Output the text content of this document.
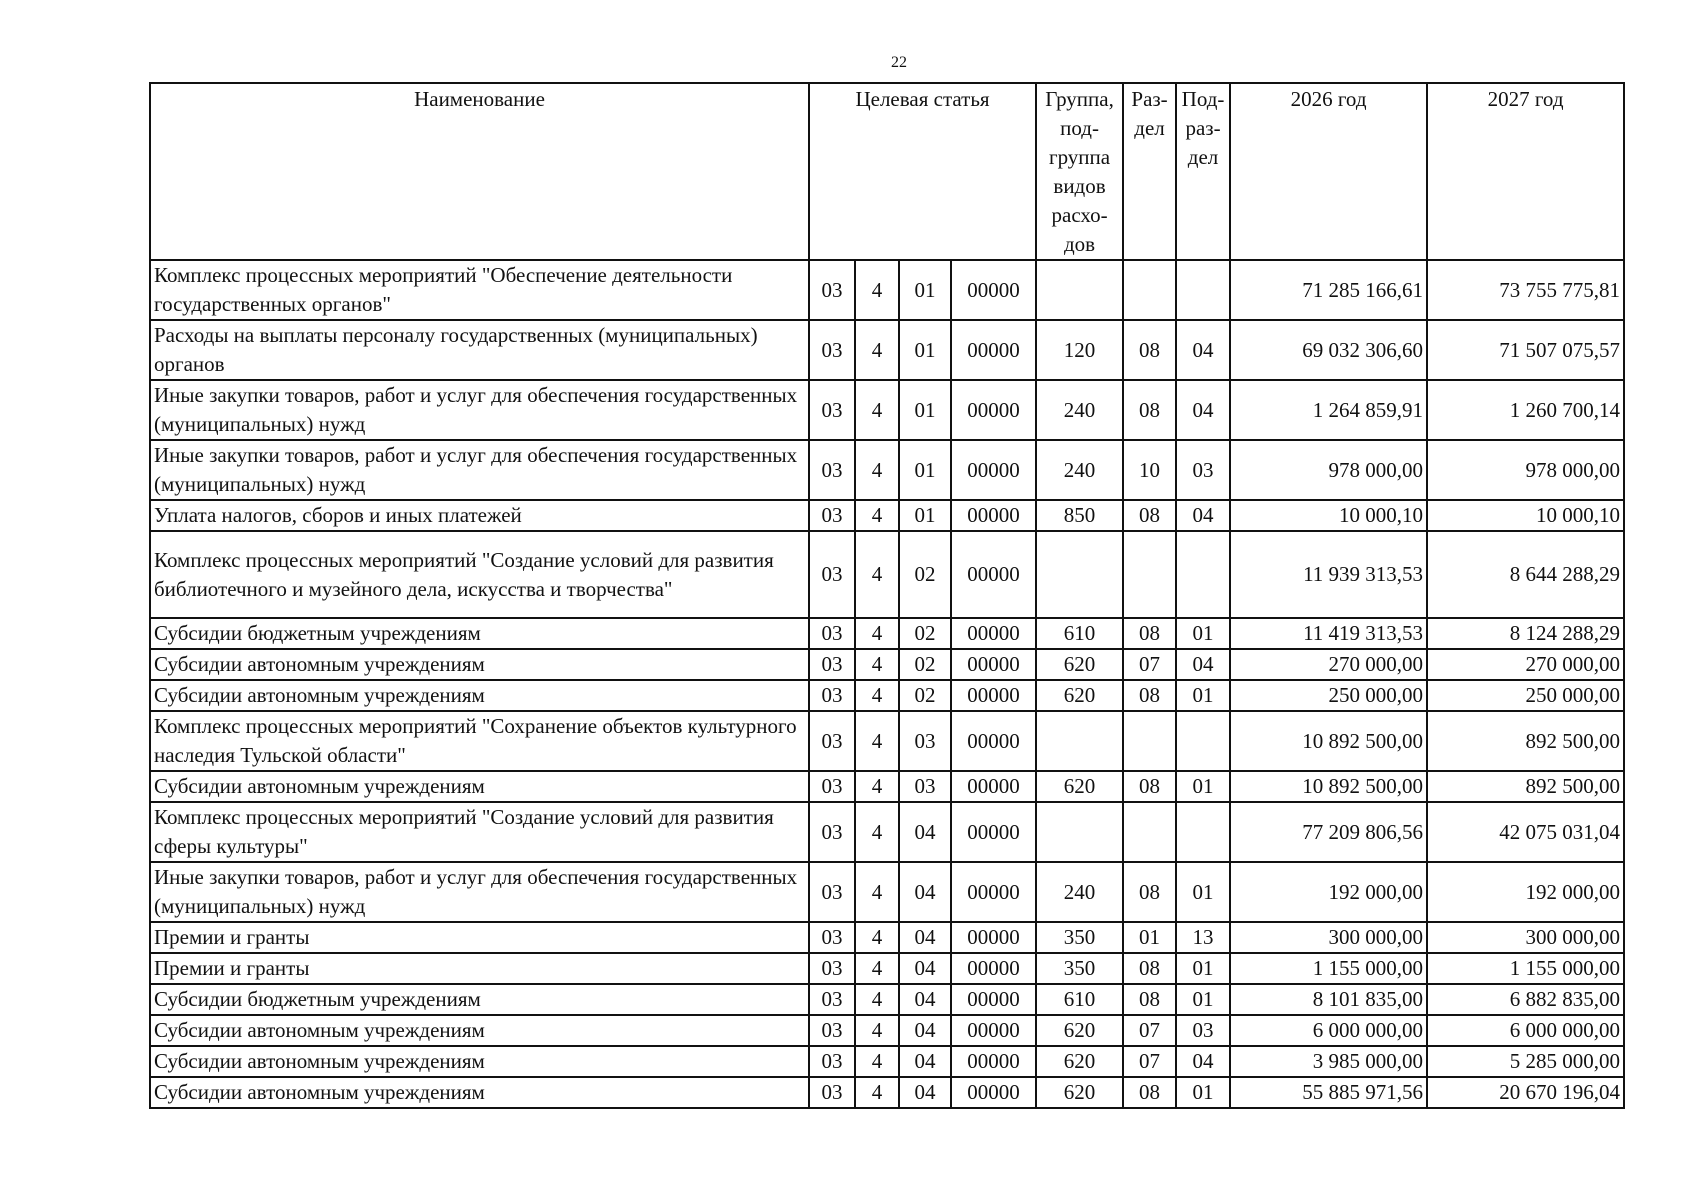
22
Наименование	Целевая статья				Группа, под- группа видов расхо- дов	Раз- дел	Под- раз- дел	2026 год	2027 год
Комплекс процессных мероприятий "Обеспечение деятельности государственных органов"	03	4	01	00000				71 285 166,61	73 755 775,81
Расходы на выплаты персоналу государственных (муниципальных) органов	03	4	01	00000	120	08	04	69 032 306,60	71 507 075,57
Иные закупки товаров, работ и услуг для обеспечения государственных (муниципальных) нужд	03	4	01	00000	240	08	04	1 264 859,91	1 260 700,14
Иные закупки товаров, работ и услуг для обеспечения государственных (муниципальных) нужд	03	4	01	00000	240	10	03	978 000,00	978 000,00
Уплата налогов, сборов и иных платежей	03	4	01	00000	850	08	04	10 000,10	10 000,10
Комплекс процессных мероприятий "Создание условий для развития библиотечного и музейного дела, искусства и творчества"	03	4	02	00000				11 939 313,53	8 644 288,29
Субсидии бюджетным учреждениям	03	4	02	00000	610	08	01	11 419 313,53	8 124 288,29
Субсидии автономным учреждениям	03	4	02	00000	620	07	04	270 000,00	270 000,00
Субсидии автономным учреждениям	03	4	02	00000	620	08	01	250 000,00	250 000,00
Комплекс процессных мероприятий "Сохранение объектов культурного наследия Тульской области"	03	4	03	00000				10 892 500,00	892 500,00
Субсидии автономным учреждениям	03	4	03	00000	620	08	01	10 892 500,00	892 500,00
Комплекс процессных мероприятий "Создание условий для развития сферы культуры"	03	4	04	00000				77 209 806,56	42 075 031,04
Иные закупки товаров, работ и услуг для обеспечения государственных (муниципальных) нужд	03	4	04	00000	240	08	01	192 000,00	192 000,00
Премии и гранты	03	4	04	00000	350	01	13	300 000,00	300 000,00
Премии и гранты	03	4	04	00000	350	08	01	1 155 000,00	1 155 000,00
Субсидии бюджетным учреждениям	03	4	04	00000	610	08	01	8 101 835,00	6 882 835,00
Субсидии автономным учреждениям	03	4	04	00000	620	07	03	6 000 000,00	6 000 000,00
Субсидии автономным учреждениям	03	4	04	00000	620	07	04	3 985 000,00	5 285 000,00
Субсидии автономным учреждениям	03	4	04	00000	620	08	01	55 885 971,56	20 670 196,04
